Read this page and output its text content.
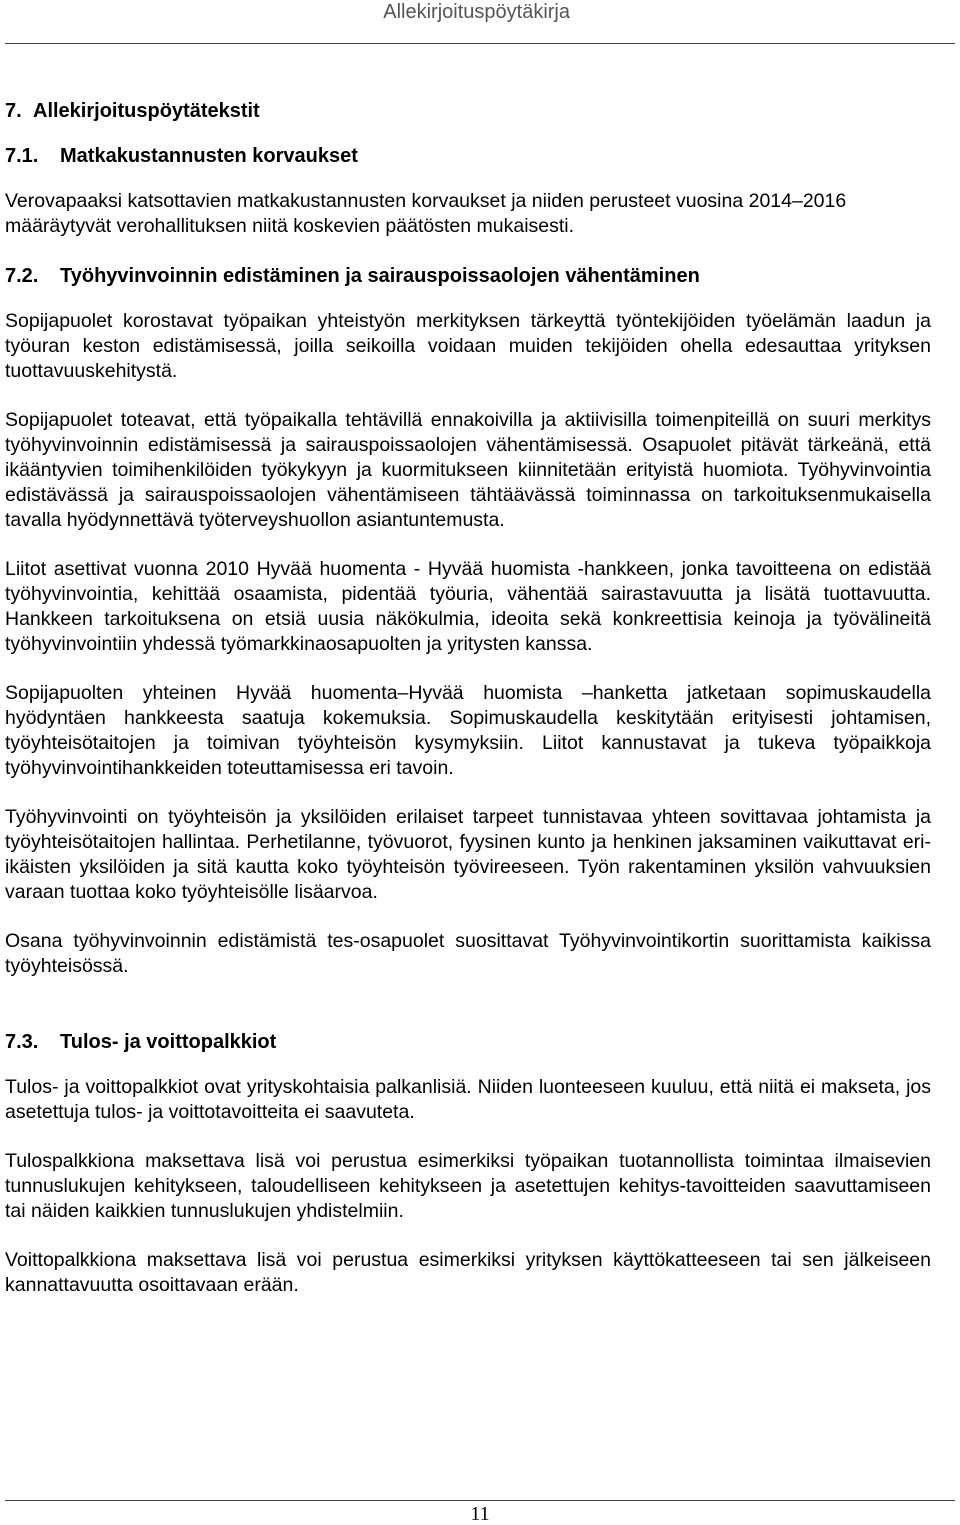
Allekirjoituspöytäkirja
7. Allekirjoituspöytätekstit
7.1. Matkakustannusten korvaukset

Verovapaaksi katsottavien matkakustannusten korvaukset ja niiden perusteet vuosina 2014–2016 määräytyvät verohallituksen niitä koskevien päätösten mukaisesti.

7.2. Työhyvinvoinnin edistäminen ja sairauspoissaolojen vähentäminen

Sopijapuolet korostavat työpaikan yhteistyön merkityksen tärkeyttä työntekijöiden työelämän laadun ja työuran keston edistämisessä, joilla seikoilla voidaan muiden tekijöiden ohella edesauttaa yrityksen tuottavuuskehitystä.

Sopijapuolet toteavat, että työpaikalla tehtävillä ennakoivilla ja aktiivisilla toimenpiteillä on suuri merkitys työhyvinvoinnin edistämisessä ja sairauspoissaolojen vähentämisessä. Osapuolet pitävät tärkeänä, että ikääntyvien toimihenkilöiden työkykyyn ja kuormitukseen kiinnitetään erityistä huomiota. Työhyvinvointia edistävässä ja sairauspoissaolojen vähentämiseen tähtäävässä toiminnassa on tarkoituksenmukaisella tavalla hyödynnettävä työterveyshuollon asiantuntemusta.

Liitot asettivat vuonna 2010 Hyvää huomenta - Hyvää huomista -hankkeen, jonka tavoitteena on edistää työhyvinvointia, kehittää osaamista, pidentää työuria, vähentää sairastavuutta ja lisätä tuottavuutta. Hankkeen tarkoituksena on etsiä uusia näkökulmia, ideoita sekä konkreettisia keinoja ja työvälineitä työhyvinvointiin yhdessä työmarkkinaosapuolten ja yritysten kanssa.

Sopijapuolten yhteinen Hyvää huomenta–Hyvää huomista –hanketta jatketaan sopimuskaudella hyödyntäen hankkeesta saatuja kokemuksia. Sopimuskaudella keskitytään erityisesti johtamisen, työyhteisötaitojen ja toimivan työyhteisön kysymyksiin. Liitot kannustavat ja tukeva työpaikkoja työhyvinvointihankkeiden toteuttamisessa eri tavoin.

Työhyvinvointi on työyhteisön ja yksilöiden erilaiset tarpeet tunnistavaa yhteen sovittavaa johtamista ja työyhteisötaitojen hallintaa. Perhetilanne, työvuorot, fyysinen kunto ja henkinen jaksaminen vaikuttavat eri-ikäisten yksilöiden ja sitä kautta koko työyhteisön työvireeseen. Työn rakentaminen yksilön vahvuuksien varaan tuottaa koko työyhteisölle lisäarvoa.

Osana työhyvinvoinnin edistämistä tes-osapuolet suosittavat Työhyvinvointikortin suorittamista kaikissa työyhteisössä.

7.3. Tulos- ja voittopalkkiot

Tulos- ja voittopalkkiot ovat yrityskohtaisia palkanlisiä. Niiden luonteeseen kuuluu, että niitä ei makseta, jos asetettuja tulos- ja voittotavoitteita ei saavuteta.

Tulospalkkiona maksettava lisä voi perustua esimerkiksi työpaikan tuotannollista toimintaa ilmaisevien tunnuslukujen kehitykseen, taloudelliseen kehitykseen ja asetettujen kehitys-tavoitteiden saavuttamiseen tai näiden kaikkien tunnuslukujen yhdistelmiin.

Voittopalkkiona maksettava lisä voi perustua esimerkiksi yrityksen käyttökatteeseen tai sen jälkeiseen kannattavuutta osoittavaan erään.

11
